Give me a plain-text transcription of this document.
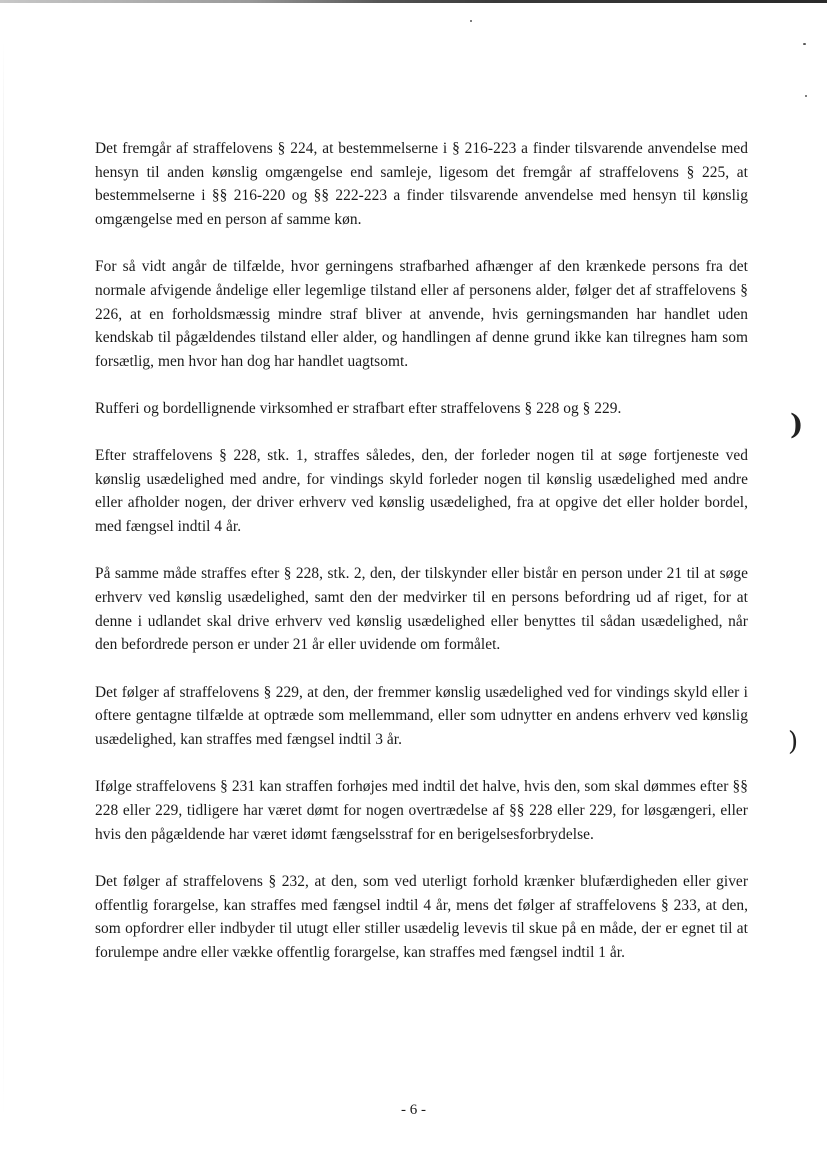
Det fremgår af straffelovens § 224, at bestemmelserne i § 216-223 a finder tilsvarende anvendelse med hensyn til anden kønslig omgængelse end samleje, ligesom det fremgår af straffelovens § 225, at bestemmelserne i §§ 216-220 og §§ 222-223 a finder tilsvarende anvendelse med hensyn til kønslig omgængelse med en person af samme køn.

For så vidt angår de tilfælde, hvor gerningens strafbarhed afhænger af den krænkede persons fra det normale afvigende åndelige eller legemlige tilstand eller af personens alder, følger det af straffelovens § 226, at en forholdsmæssig mindre straf bliver at anvende, hvis gerningsmanden har handlet uden kendskab til pågældendes tilstand eller alder, og handlingen af denne grund ikke kan tilregnes ham som forsætlig, men hvor han dog har handlet uagtsomt.

Rufferi og bordellignende virksomhed er strafbart efter straffelovens § 228 og § 229.

Efter straffelovens § 228, stk. 1, straffes således, den, der forleder nogen til at søge fortjeneste ved kønslig usædelighed med andre, for vindings skyld forleder nogen til kønslig usædelighed med andre eller afholder nogen, der driver erhverv ved kønslig usædelighed, fra at opgive det eller holder bordel, med fængsel indtil 4 år.

På samme måde straffes efter § 228, stk. 2, den, der tilskynder eller bistår en person under 21 til at søge erhverv ved kønslig usædelighed, samt den der medvirker til en persons befordring ud af riget, for at denne i udlandet skal drive erhverv ved kønslig usædelighed eller benyttes til sådan usædelighed, når den befordrede person er under 21 år eller uvidende om formålet.

Det følger af straffelovens § 229, at den, der fremmer kønslig usædelighed ved for vindings skyld eller i oftere gentagne tilfælde at optræde som mellemmand, eller som udnytter en andens erhverv ved kønslig usædelighed, kan straffes med fængsel indtil 3 år.

Ifølge straffelovens § 231 kan straffen forhøjes med indtil det halve, hvis den, som skal dømmes efter §§ 228 eller 229, tidligere har været dømt for nogen overtrædelse af §§ 228 eller 229, for løsgængeri, eller hvis den pågældende har været idømt fængselsstraf for en berigelsesforbrydelse.

Det følger af straffelovens § 232, at den, som ved uterligt forhold krænker blufærdigheden eller giver offentlig forargelse, kan straffes med fængsel indtil 4 år, mens det følger af straffelovens § 233, at den, som opfordrer eller indbyder til utugt eller stiller usædelig levevis til skue på en måde, der er egnet til at forulempe andre eller vække offentlig forargelse, kan straffes med fængsel indtil 1 år.

)
)
- 6 -
